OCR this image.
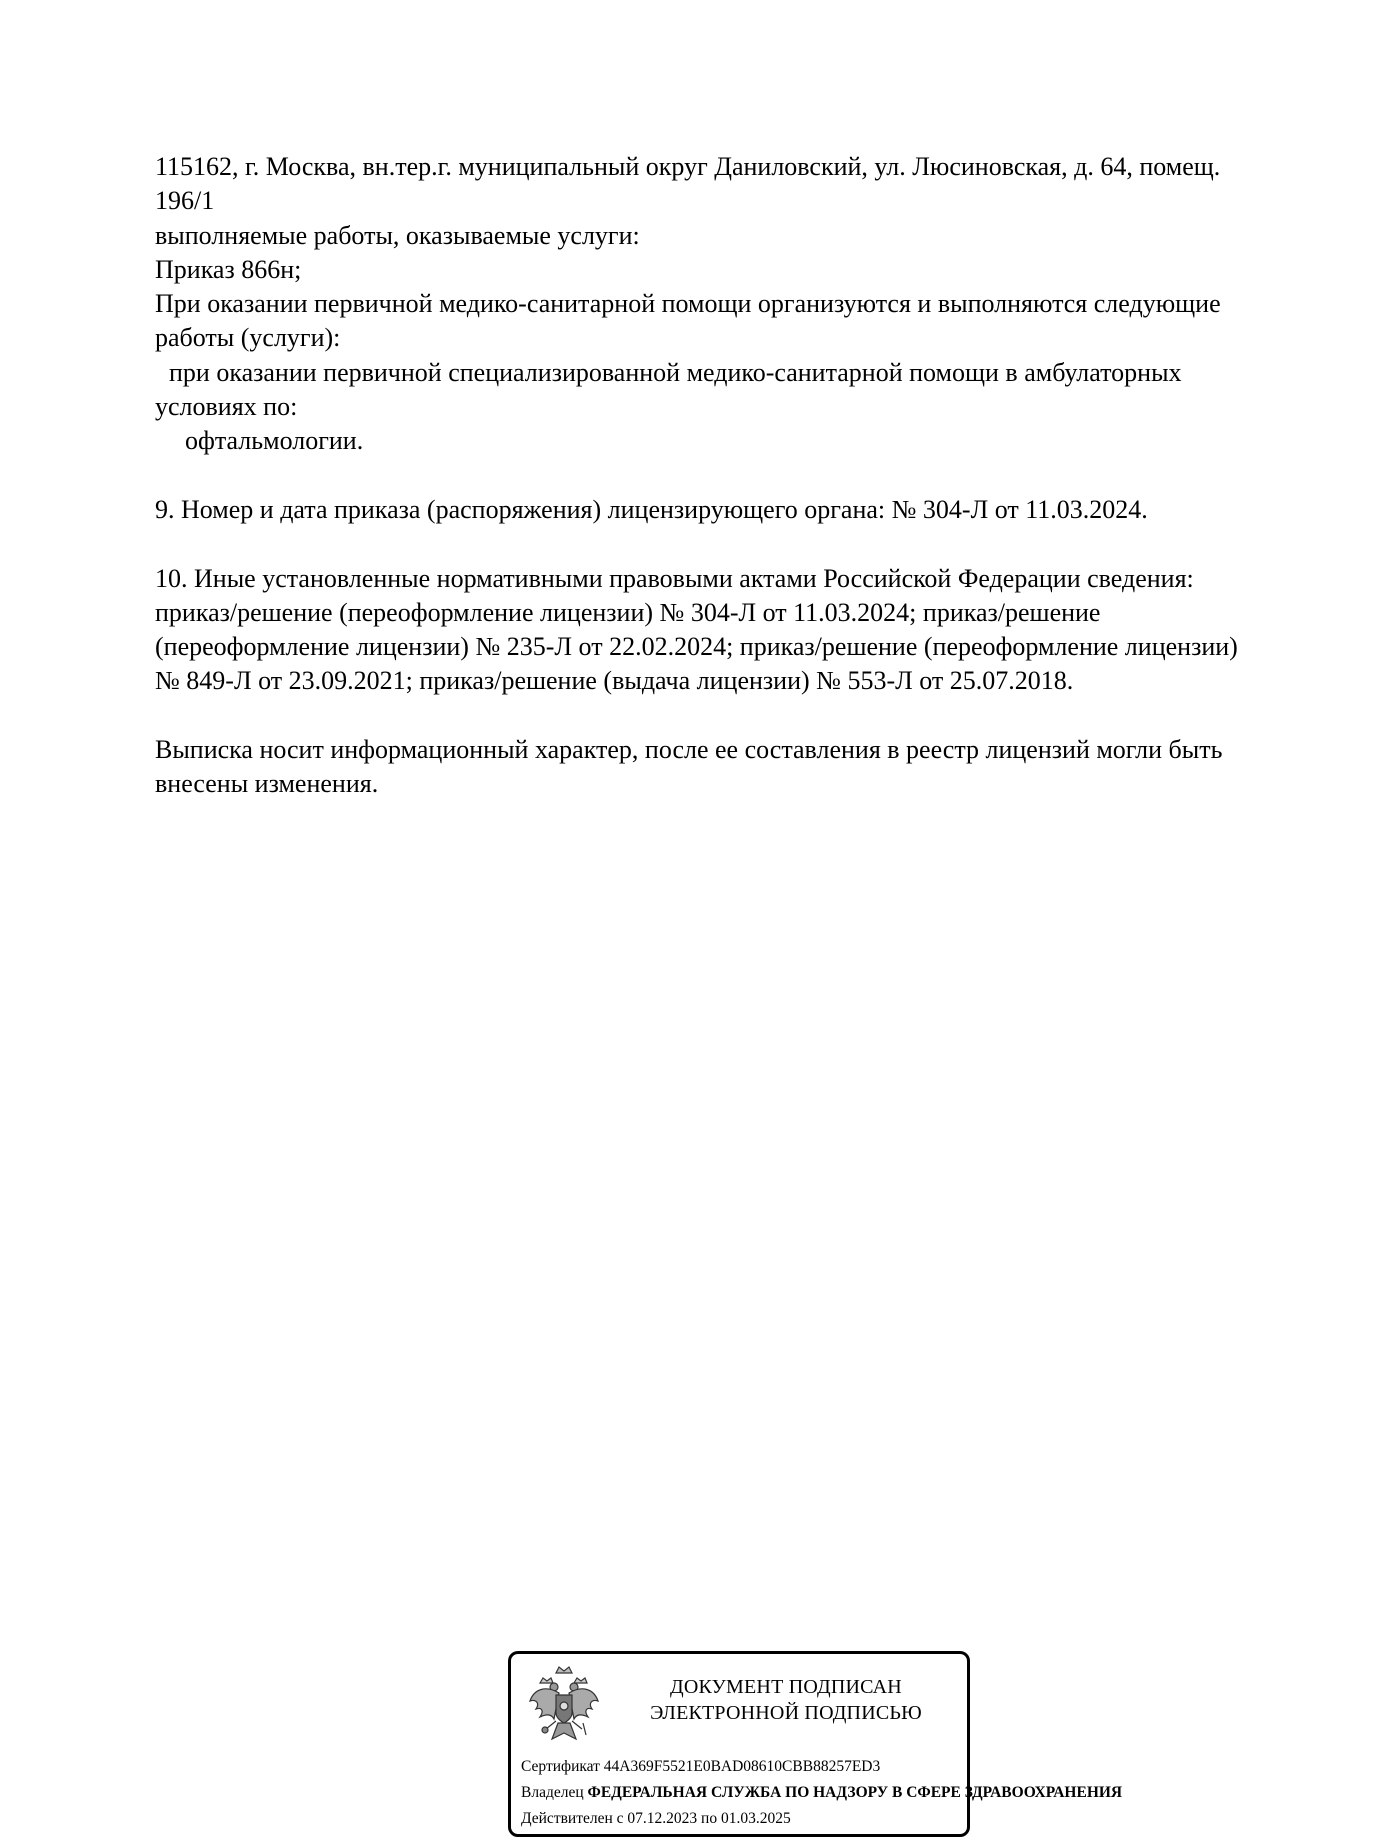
115162, г. Москва, вн.тер.г. муниципальный округ Даниловский, ул. Люсиновская, д. 64, помещ.

196/1

выполняемые работы, оказываемые услуги:

Приказ 866н;

При оказании первичной медико-санитарной помощи организуются и выполняются следующие

работы (услуги):

при оказании первичной специализированной медико-санитарной помощи в амбулаторных

условиях по:

офтальмологии.

9. Номер и дата приказа (распоряжения) лицензирующего органа: № 304-Л от 11.03.2024.

10. Иные установленные нормативными правовыми актами Российской Федерации сведения:

приказ/решение (переоформление лицензии) № 304-Л от 11.03.2024; приказ/решение

(переоформление лицензии) № 235-Л от 22.02.2024; приказ/решение (переоформление лицензии)

№ 849-Л от 23.09.2021; приказ/решение (выдача лицензии) № 553-Л от 25.07.2018.

Выписка носит информационный характер, после ее составления в реестр лицензий могли быть

внесены изменения.

ДОКУМЕНТ ПОДПИСАН
ЭЛЕКТРОННОЙ ПОДПИСЬЮ
Сертификат 44A369F5521E0BAD08610CBB88257ED3
Владелец ФЕДЕРАЛЬНАЯ СЛУЖБА ПО НАДЗОРУ В СФЕРЕ ЗДРАВООХРАНЕНИЯ
Действителен с 07.12.2023 по 01.03.2025
